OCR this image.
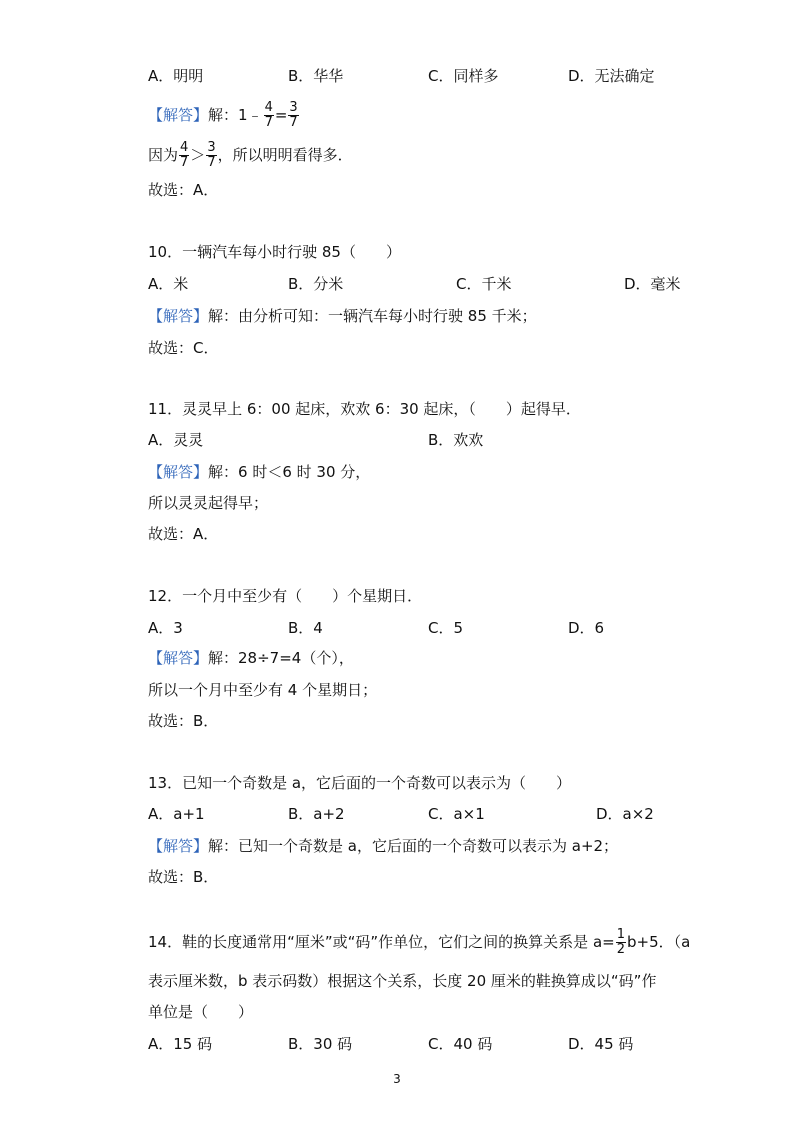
A．明明	B．华华	C．同样多	D．无法确定
【解答】解：1﹣ $\frac{4}{7} = \frac{3}{7}$
因为 $\frac{4}{7} > \frac{3}{7}$ ，所以明明看得多．
故选：A．
10．一辆汽车每小时行驶 85（　　）
A．米	B．分米	C．千米	D．毫米
【解答】解：由分析可知：一辆汽车每小时行驶 85 千米；
故选：C．
11．灵灵早上 6：00 起床，欢欢 6：30 起床，（　　）起得早．
A．灵灵	B．欢欢
【解答】解：6 时＜6 时 30 分，
所以灵灵起得早；
故选：A．
12．一个月中至少有（　　）个星期日．
A．3	B．4	C．5	D．6
【解答】解：28÷7=4（个），
所以一个月中至少有 4 个星期日；
故选：B．
13．已知一个奇数是 a，它后面的一个奇数可以表示为（　　）
A．a+1	B．a+2	C．a×1	D．a×2
【解答】解：已知一个奇数是 a，它后面的一个奇数可以表示为 a+2；
故选：B．
14．鞋的长度通常用“厘米”或“码”作单位，它们之间的换算关系是 $a= \frac{1}{2} b+5$．（a
表示厘米数，b 表示码数）根据这个关系，长度 20 厘米的鞋换算成以“码”作
单位是（　　）
A．15 码	B．30 码	C．40 码	D．45 码
3
